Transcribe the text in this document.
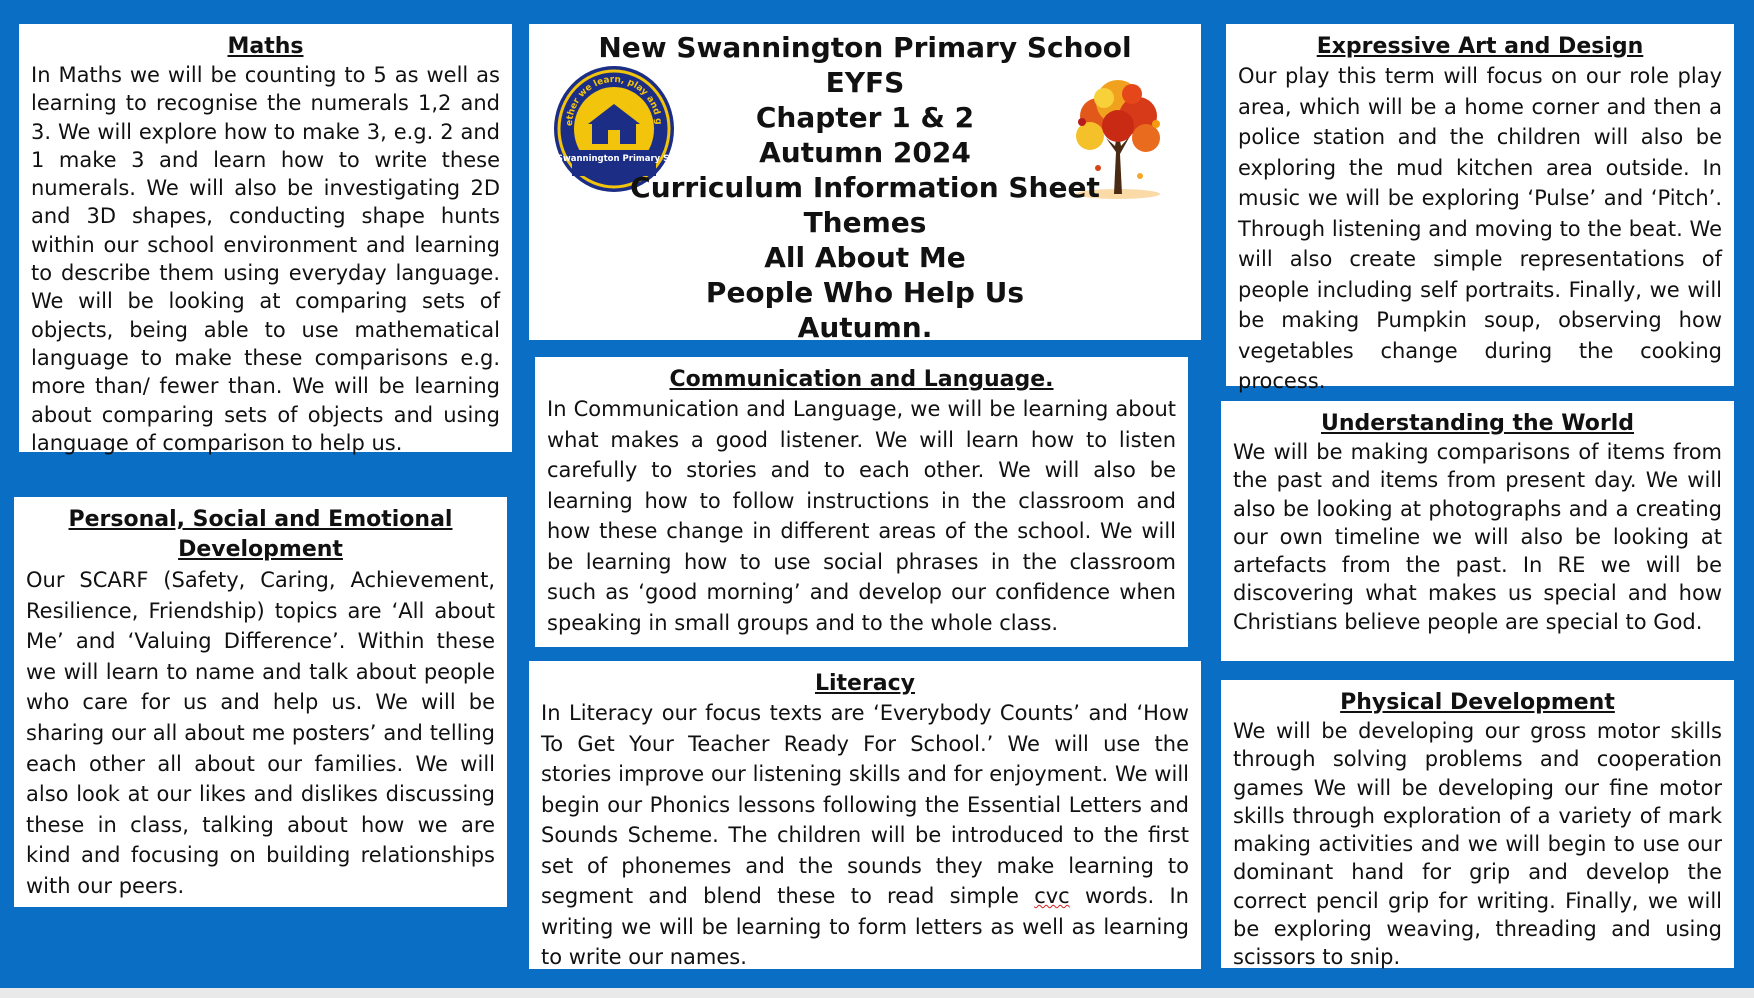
Maths

In Maths we will be counting to 5 as well as learning to recognise the numerals 1,2 and 3. We will explore how to make 3, e.g. 2 and 1 make 3 and learn how to write these numerals. We will also be investigating 2D and 3D shapes, conducting shape hunts within our school environment and learning to describe them using everyday language. We will be looking at comparing sets of objects, being able to use mathematical language to make these comparisons e.g. more than/ fewer than. We will be learning about comparing sets of objects and using language of comparison to help us.

Personal, Social and Emotional Development

Our SCARF (Safety, Caring, Achievement, Resilience, Friendship) topics are ‘All about Me’ and ‘Valuing Difference’. Within these we will learn to name and talk about people who care for us and help us. We will be sharing our all about me posters’ and telling each other all about our families. We will also look at our likes and dislikes discussing these in class, talking about how we are kind and focusing on building relationships with our peers.

ether we learn, play and g
Swannington Primary Sc
New Swannington Primary School
EYFS
Chapter 1 & 2
Autumn 2024
Curriculum Information Sheet
Themes
All About Me
People Who Help Us
Autumn.
Communication and Language.

In Communication and Language, we will be learning about what makes a good listener. We will learn how to listen carefully to stories and to each other. We will also be learning how to follow instructions in the classroom and how these change in different areas of the school. We will be learning how to use social phrases in the classroom such as ‘good morning’ and develop our confidence when speaking in small groups and to the whole class.

Literacy

In Literacy our focus texts are ‘Everybody Counts’ and ‘How To Get Your Teacher Ready For School.’ We will use the stories improve our listening skills and for enjoyment. We will begin our Phonics lessons following the Essential Letters and Sounds Scheme. The children will be introduced to the first set of phonemes and the sounds they make learning to segment and blend these to read simple cvc words. In writing we will be learning to form letters as well as learning to write our names.

Expressive Art and Design

Our play this term will focus on our role play area, which will be a home corner and then a police station and the children will also be exploring the mud kitchen area outside. In music we will be exploring ‘Pulse’ and ‘Pitch’. Through listening and moving to the beat. We will also create simple representations of people including self portraits. Finally, we will be making Pumpkin soup, observing how vegetables change during the cooking process.

Understanding the World

We will be making comparisons of items from the past and items from present day. We will also be looking at photographs and a creating our own timeline we will also be looking at artefacts from the past. In RE we will be discovering what makes us special and how Christians believe people are special to God.

Physical Development

We will be developing our gross motor skills through solving problems and cooperation games We will be developing our fine motor skills through exploration of a variety of mark making activities and we will begin to use our dominant hand for grip and develop the correct pencil grip for writing. Finally, we will be exploring weaving, threading and using scissors to snip.
